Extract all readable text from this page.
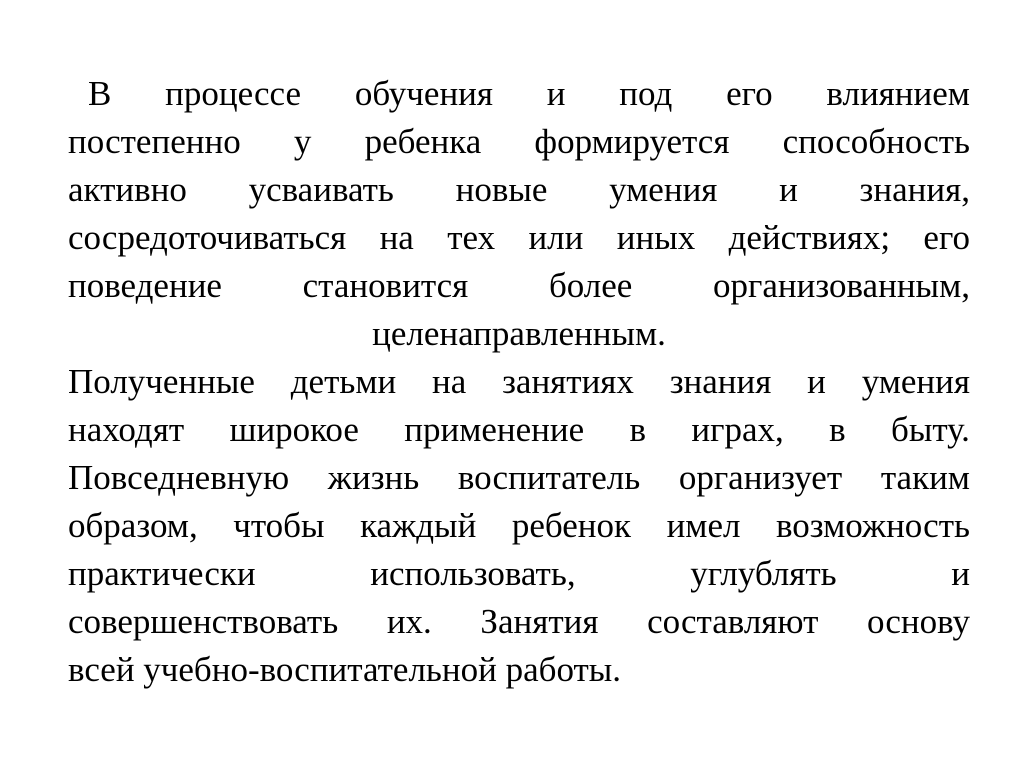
В процессе обучения и под его влиянием
постепенно у ребенка формируется способность
активно усваивать новые умения и знания,
сосредоточиваться на тех или иных действиях; его
поведение становится более организованным,
целенаправленным.
Полученные детьми на занятиях знания и умения
находят широкое применение в играх, в быту.
Повседневную жизнь воспитатель организует таким
образом, чтобы каждый ребенок имел возможность
практически	использовать,	углублять	и
совершенствовать их. Занятия составляют основу
всей учебно-воспитательной работы.
